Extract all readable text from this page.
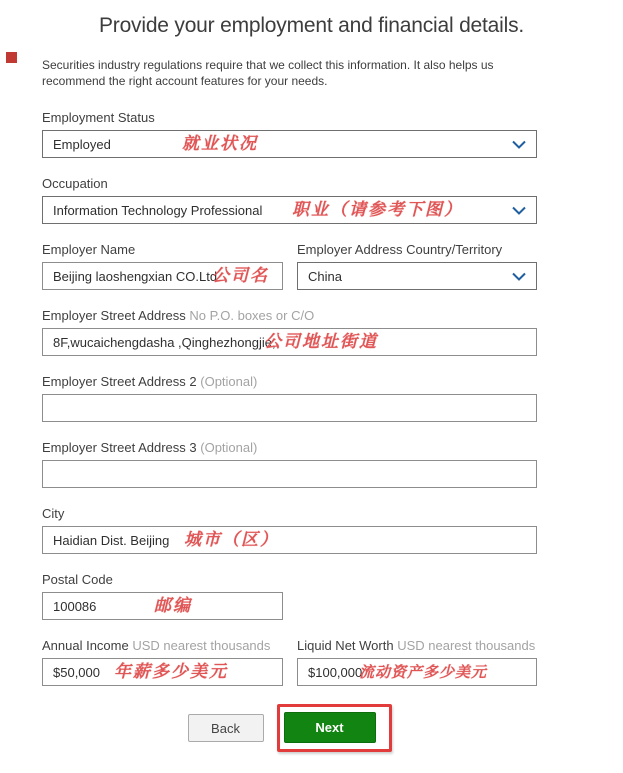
Provide your employment and financial details.

Securities industry regulations require that we collect this information. It also helps us recommend the right account features for your needs.

Employment Status
Employed	就业状况
Occupation
Information Technology Professional 职业（请参考下图）
Employer Name
Beijing laoshengxian CO.Ltd
公司名
Employer Address Country/Territory
China
Employer Street Address No P.O. boxes or C/O
8F,wucaichengdasha ,Qinghezhongjie,
公司地址街道
Employer Street Address 2 (Optional)
Employer Street Address 3 (Optional)
City
Haidian Dist. Beijing
城市（区）
Postal Code
100086
邮编
Annual Income USD nearest thousands
$50,000
年薪多少美元
Liquid Net Worth USD nearest thousands
$100,000
流动资产多少美元
Back	Next
